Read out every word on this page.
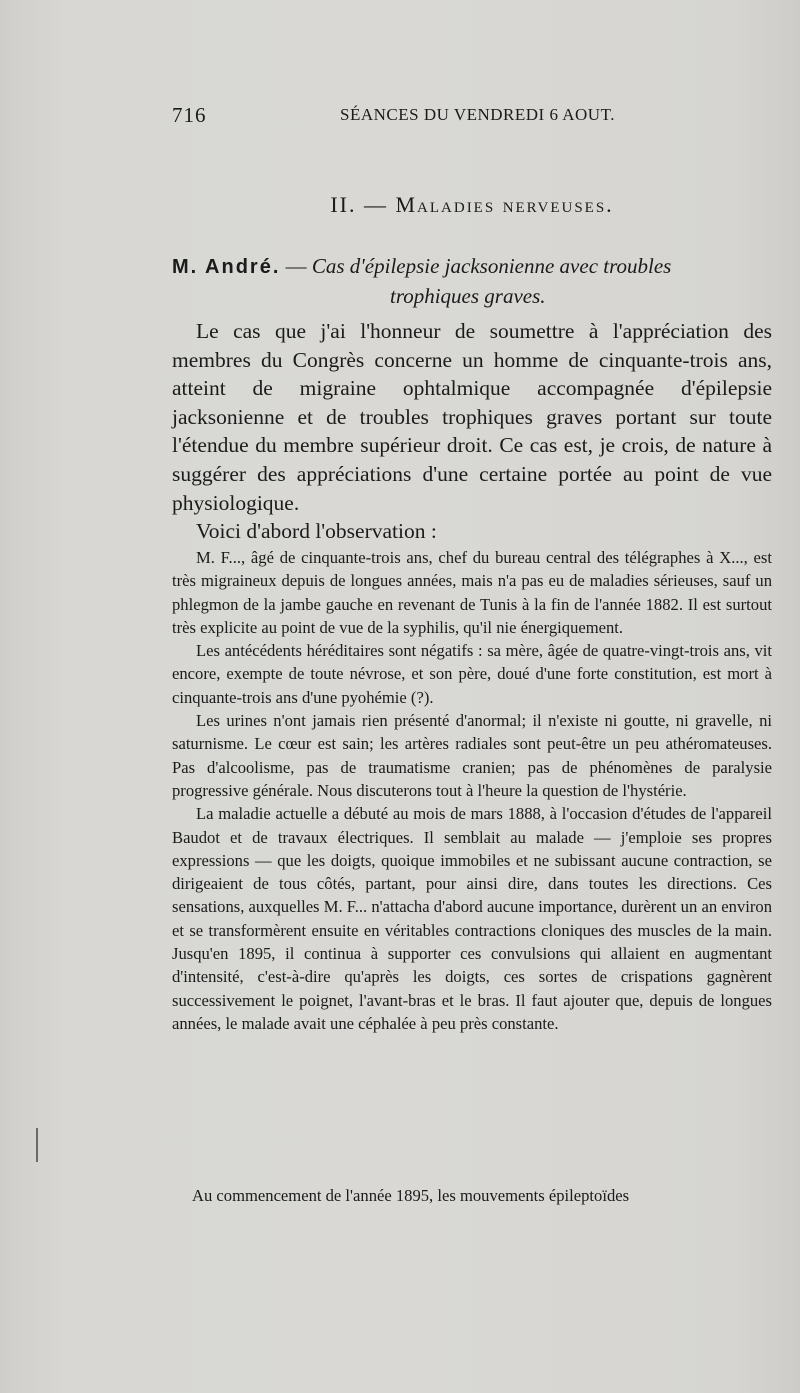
716	SÉANCES DU VENDREDI 6 AOUT.
II. — Maladies nerveuses.
M. André. — Cas d'épilepsie jacksonienne avec troubles
trophiques graves.

Le cas que j'ai l'honneur de soumettre à l'appréciation des membres du Congrès concerne un homme de cinquante-trois ans, atteint de migraine ophtalmique accompagnée d'épilepsie jacksonienne et de troubles trophiques graves portant sur toute l'étendue du membre supérieur droit. Ce cas est, je crois, de nature à suggérer des appréciations d'une certaine portée au point de vue physiologique.

Voici d'abord l'observation :

M. F..., âgé de cinquante-trois ans, chef du bureau central des télégraphes à X..., est très migraineux depuis de longues années, mais n'a pas eu de maladies sérieuses, sauf un phlegmon de la jambe gauche en revenant de Tunis à la fin de l'année 1882. Il est surtout très explicite au point de vue de la syphilis, qu'il nie énergiquement.

Les antécédents héréditaires sont négatifs : sa mère, âgée de quatre-vingt-trois ans, vit encore, exempte de toute névrose, et son père, doué d'une forte constitution, est mort à cinquante-trois ans d'une pyohémie (?).

Les urines n'ont jamais rien présenté d'anormal; il n'existe ni goutte, ni gravelle, ni saturnisme. Le cœur est sain; les artères radiales sont peut-être un peu athéromateuses. Pas d'alcoolisme, pas de traumatisme cranien; pas de phénomènes de paralysie progressive générale. Nous discuterons tout à l'heure la question de l'hystérie.

La maladie actuelle a débuté au mois de mars 1888, à l'occasion d'études de l'appareil Baudot et de travaux électriques. Il semblait au malade — j'emploie ses propres expressions — que les doigts, quoique immobiles et ne subissant aucune contraction, se dirigeaient de tous côtés, partant, pour ainsi dire, dans toutes les directions. Ces sensations, auxquelles M. F... n'attacha d'abord aucune importance, durèrent un an environ et se transformèrent ensuite en véritables contractions cloniques des muscles de la main. Jusqu'en 1895, il continua à supporter ces convulsions qui allaient en augmentant d'intensité, c'est-à-dire qu'après les doigts, ces sortes de crispations gagnèrent successivement le poignet, l'avant-bras et le bras. Il faut ajouter que, depuis de longues années, le malade avait une céphalée à peu près constante.

Au commencement de l'année 1895, les mouvements épileptoïdes
